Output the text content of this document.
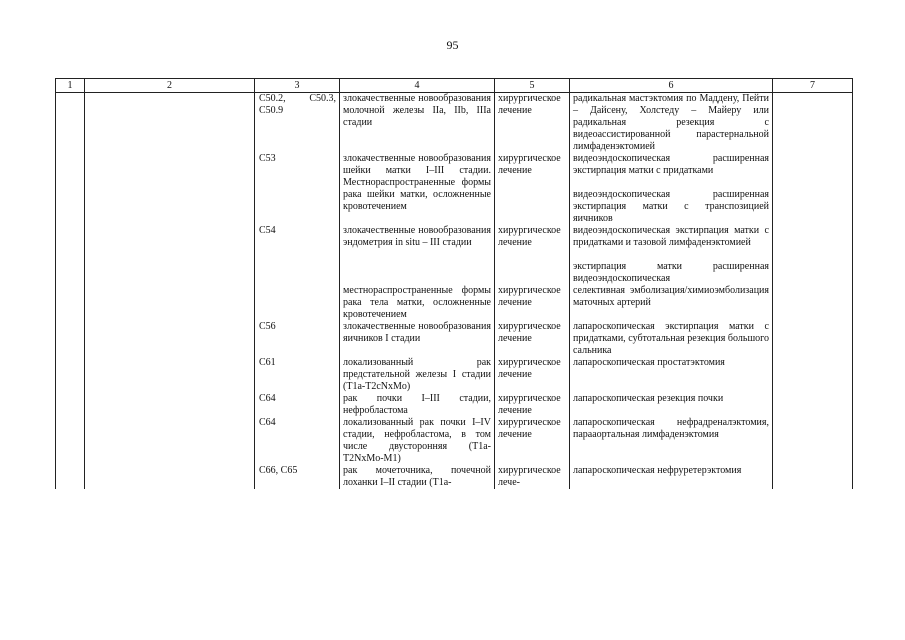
95
1	2	3	4	5	6	7
		C50.2, C50.3, C50.9	злокачественные новообразования молочной железы IIa, IIb, IIIa стадии	хирургическое лечение	радикальная мастэктомия по Маддену, Пейти – Дайсену, Холстеду – Майеру или радикальная резекция с видеоассистированной парастернальной лимфаденэктомией	

		C53	злокачественные новообразования шейки матки I–III стадии. Местнораспространенные формы рака шейки матки, осложненные кровотечением	хирургическое лечение	видеоэндоскопическая расширенная экстирпация матки с придатками
видеоэндоскопическая расширенная экстирпация матки с транспозицией яичников	

		C54	злокачественные новообразования эндометрия in situ – III стадии	хирургическое лечение	видеоэндоскопическая экстирпация матки с придатками и тазовой лимфаденэктомией
экстирпация матки расширенная видеоэндоскопическая	

			местнораспространенные формы рака тела матки, осложненные кровотечением	хирургическое лечение	селективная эмболизация/химиоэмболизация маточных артерий	

		C56	злокачественные новообразования яичников I стадии	хирургическое лечение	лапароскопическая экстирпация матки с придатками, субтотальная резекция большого сальника	

		C61	локализованный рак предстательной железы I стадии (T1a-T2cNxMo)	хирургическое лечение	лапароскопическая простатэктомия	

		C64	рак почки I–III стадии, нефробластома	хирургическое лечение	лапароскопическая резекция почки	

		C64	локализованный рак почки I–IV стадии, нефробластома, в том числе двусторонняя (T1a-T2NxMo-M1)	хирургическое лечение	лапароскопическая нефрадреналэктомия, парааортальная лимфаденэктомия	

		C66, C65	рак мочеточника, почечной лоханки I–II стадии (T1a-	хирургическое лече-	лапароскопическая нефруретерэктомия	
